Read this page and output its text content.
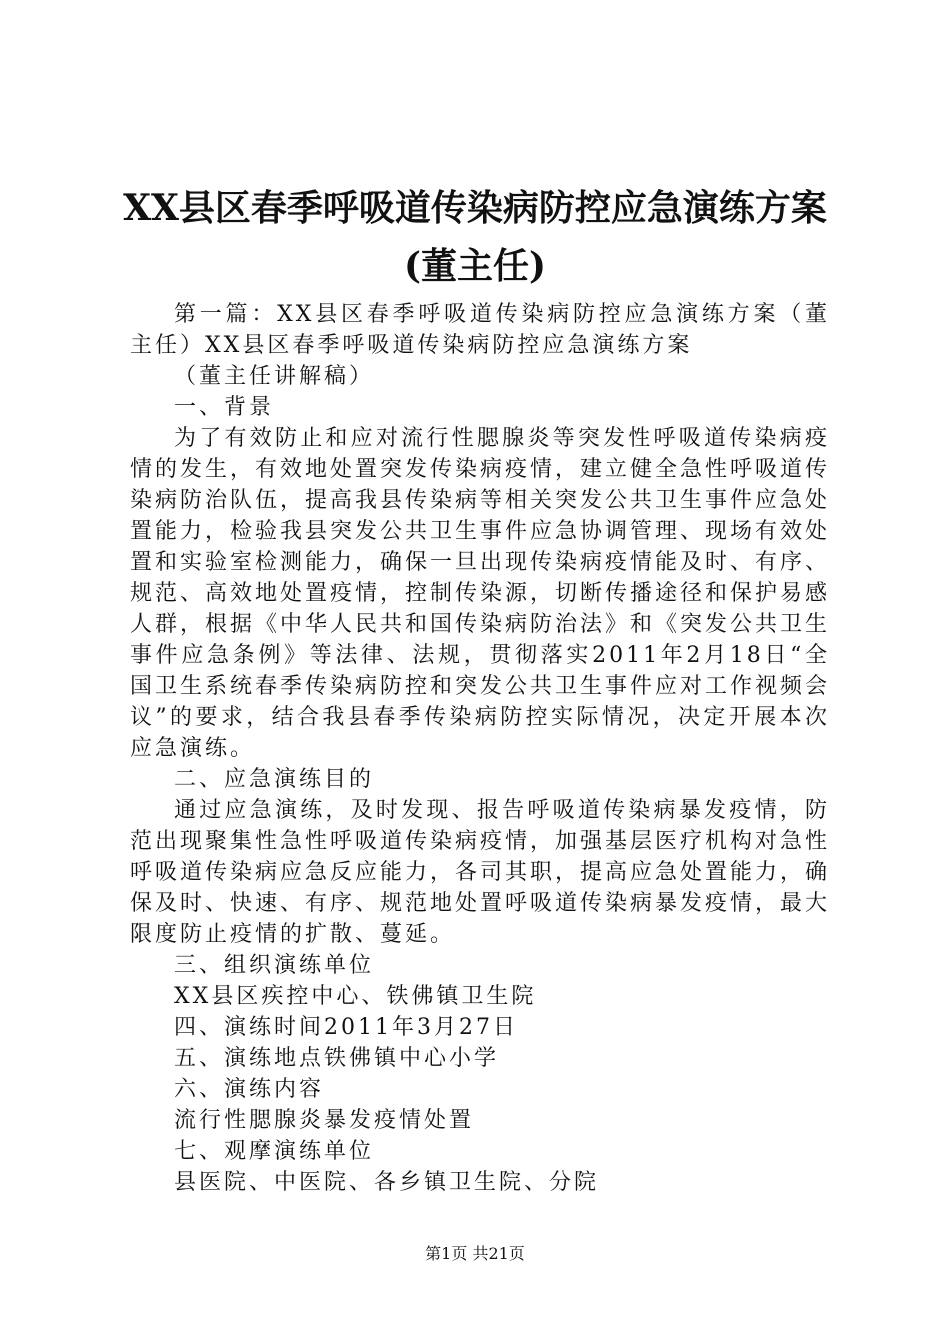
XX县区春季呼吸道传染病防控应急演练方案
(董主任)

第一篇：XX县区春季呼吸道传染病防控应急演练方案（董主任）XX县区春季呼吸道传染病防控应急演练方案

（董主任讲解稿）

一、背景

为了有效防止和应对流行性腮腺炎等突发性呼吸道传染病疫情的发生，有效地处置突发传染病疫情，建立健全急性呼吸道传染病防治队伍，提高我县传染病等相关突发公共卫生事件应急处置能力，检验我县突发公共卫生事件应急协调管理、现场有效处置和实验室检测能力，确保一旦出现传染病疫情能及时、有序、规范、高效地处置疫情，控制传染源，切断传播途径和保护易感人群，根据《中华人民共和国传染病防治法》和《突发公共卫生事件应急条例》等法律、法规，贯彻落实2011年2月18日“全国卫生系统春季传染病防控和突发公共卫生事件应对工作视频会议”的要求，结合我县春季传染病防控实际情况，决定开展本次应急演练。

二、应急演练目的

通过应急演练，及时发现、报告呼吸道传染病暴发疫情，防范出现聚集性急性呼吸道传染病疫情，加强基层医疗机构对急性呼吸道传染病应急反应能力，各司其职，提高应急处置能力，确保及时、快速、有序、规范地处置呼吸道传染病暴发疫情，最大限度防止疫情的扩散、蔓延。

三、组织演练单位

XX县区疾控中心、铁佛镇卫生院

四、演练时间2011年3月27日

五、演练地点铁佛镇中心小学

六、演练内容

流行性腮腺炎暴发疫情处置

七、观摩演练单位

县医院、中医院、各乡镇卫生院、分院

第1页 共21页
